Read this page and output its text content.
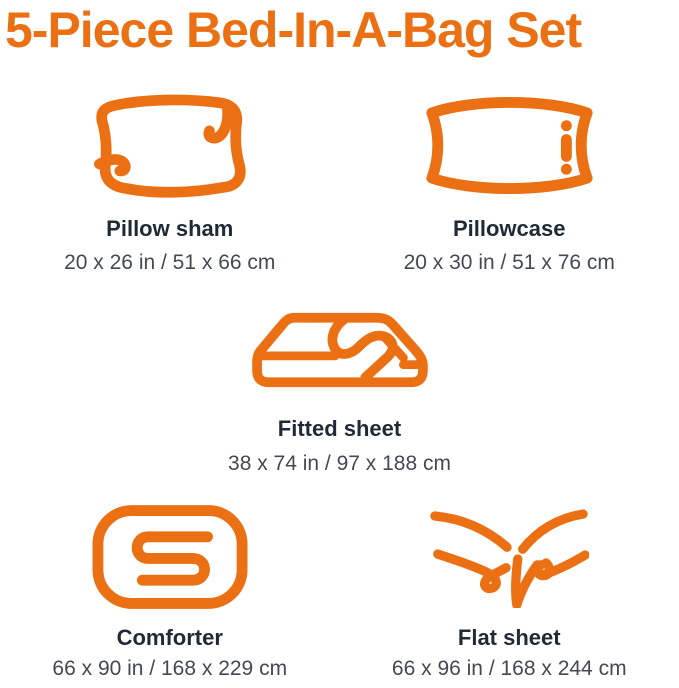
5-Piece Bed-In-A-Bag Set
Pillow sham
20 x 26 in / 51 x 66 cm
Pillowcase
20 x 30 in / 51 x 76 cm
Fitted sheet
38 x 74 in / 97 x 188 cm
Comforter
66 x 90 in / 168 x 229 cm
Flat sheet
66 x 96 in / 168 x 244 cm
